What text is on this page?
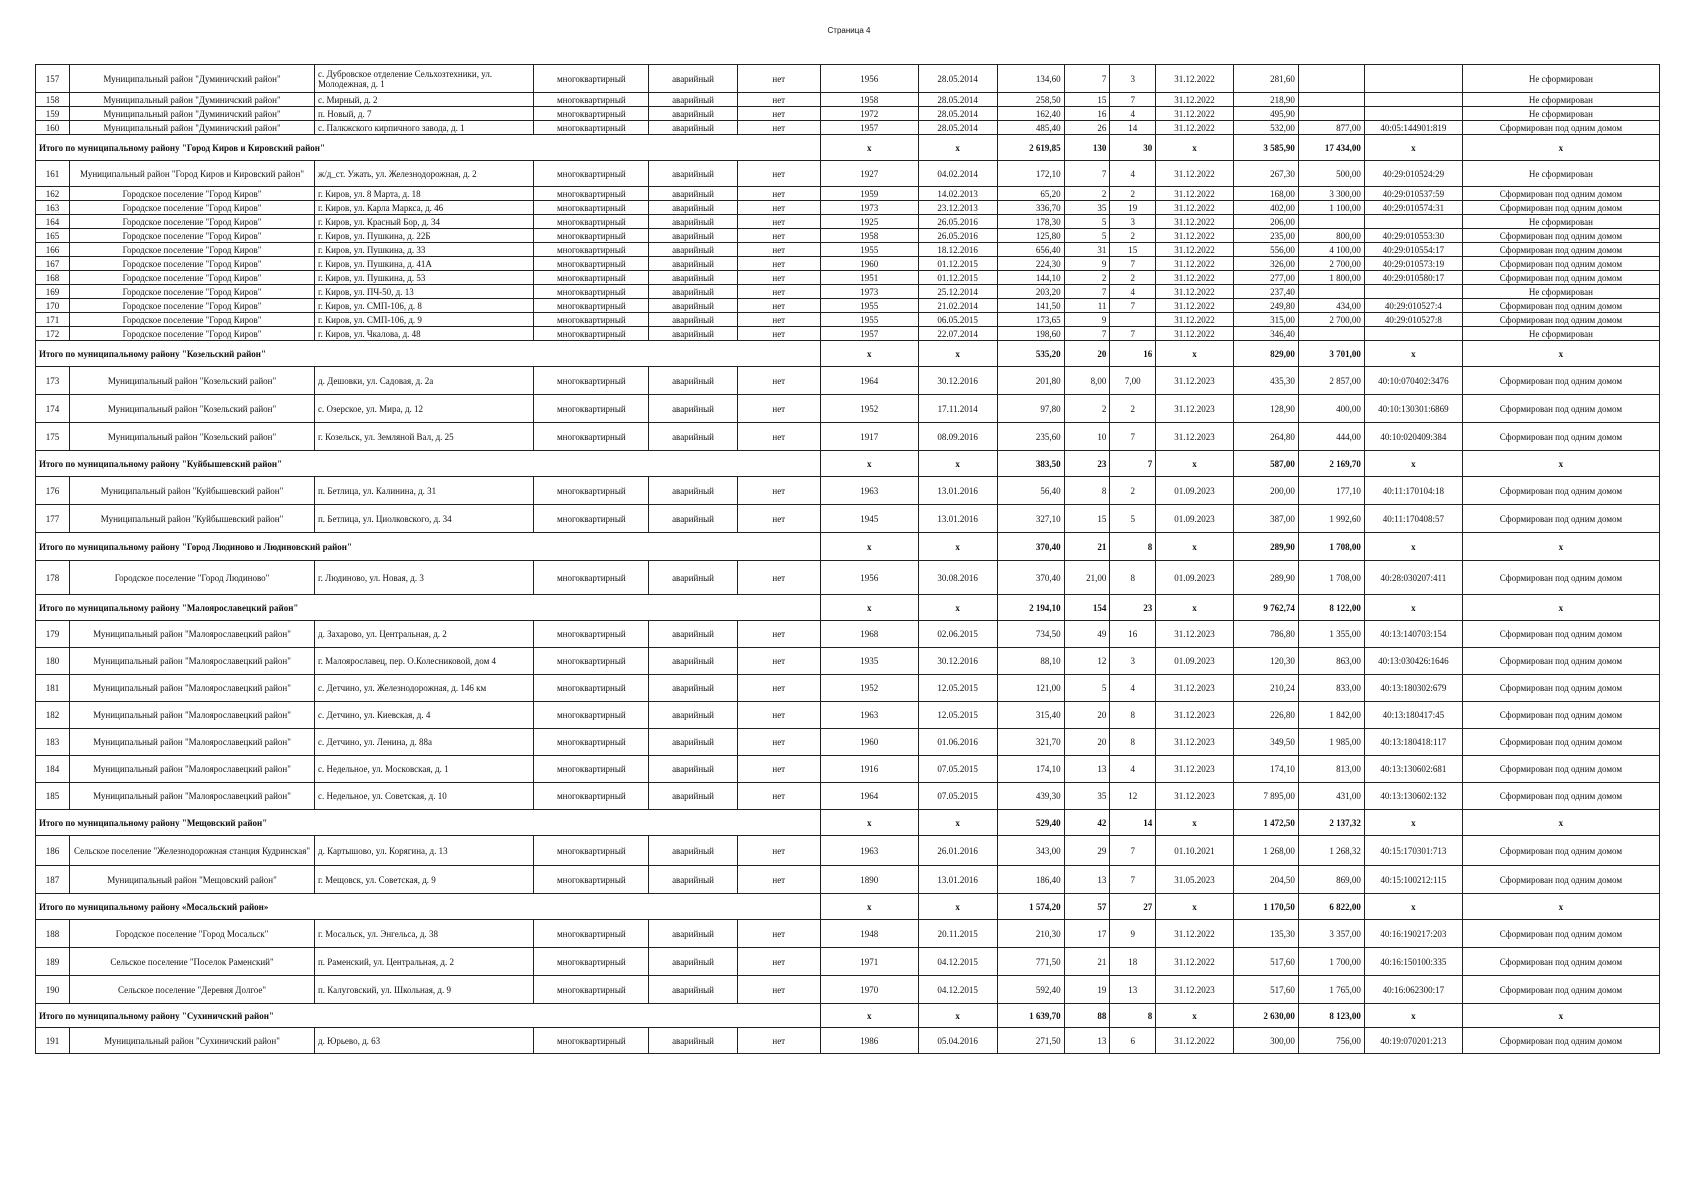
Страница 4
157	Муниципальный район "Думиничский район"	с. Дубровское отделение Сельхозтехники, ул. Молодежная, д. 1	многоквартирный	аварийный	нет	1956	28.05.2014	134,60	7	3	31.12.2022	281,60			Не сформирован
158	Муниципальный район "Думиничский район"	с. Мирный, д. 2	многоквартирный	аварийный	нет	1958	28.05.2014	258,50	15	7	31.12.2022	218,90			Не сформирован
159	Муниципальный район "Думиничский район"	п. Новый, д. 7	многоквартирный	аварийный	нет	1972	28.05.2014	162,40	16	4	31.12.2022	495,90			Не сформирован
160	Муниципальный район "Думиничский район"	с. Палкжского кирпичного завода, д. 1	многоквартирный	аварийный	нет	1957	28.05.2014	485,40	26	14	31.12.2022	532,00	877,00	40:05:144901:819	Сформирован под одним домом
Итого по муниципальному району "Город Киров и Кировский район"						x	x	2 619,85	130	30	x	3 585,90	17 434,00	x	x
161	Муниципальный район "Город Киров и Кировский район"	ж/д_ст. Ужать, ул. Железнодорожная, д. 2	многоквартирный	аварийный	нет	1927	04.02.2014	172,10	7	4	31.12.2022	267,30	500,00	40:29:010524:29	Не сформирован
162	Городское поселение "Город Киров"	г. Киров, ул. 8 Марта, д. 18	многоквартирный	аварийный	нет	1959	14.02.2013	65,20	2	2	31.12.2022	168,00	3 300,00	40:29:010537:59	Сформирован под одним домом
163	Городское поселение "Город Киров"	г. Киров, ул. Карла Маркса, д. 46	многоквартирный	аварийный	нет	1973	23.12.2013	336,70	35	19	31.12.2022	402,00	1 100,00	40:29:010574:31	Сформирован под одним домом
164	Городское поселение "Город Киров"	г. Киров, ул. Красный Бор, д. 34	многоквартирный	аварийный	нет	1925	26.05.2016	178,30	5	3	31.12.2022	206,00			Не сформирован
165	Городское поселение "Город Киров"	г. Киров, ул. Пушкина, д. 22Б	многоквартирный	аварийный	нет	1958	26.05.2016	125,80	5	2	31.12.2022	235,00	800,00	40:29:010553:30	Сформирован под одним домом
166	Городское поселение "Город Киров"	г. Киров, ул. Пушкина, д. 33	многоквартирный	аварийный	нет	1955	18.12.2016	656,40	31	15	31.12.2022	556,00	4 100,00	40:29:010554:17	Сформирован под одним домом
167	Городское поселение "Город Киров"	г. Киров, ул. Пушкина, д. 41А	многоквартирный	аварийный	нет	1960	01.12.2015	224,30	9	7	31.12.2022	326,00	2 700,00	40:29:010573:19	Сформирован под одним домом
168	Городское поселение "Город Киров"	г. Киров, ул. Пушкина, д. 53	многоквартирный	аварийный	нет	1951	01.12.2015	144,10	2	2	31.12.2022	277,00	1 800,00	40:29:010580:17	Сформирован под одним домом
169	Городское поселение "Город Киров"	г. Киров, ул. ПЧ-50, д. 13	многоквартирный	аварийный	нет	1973	25.12.2014	203,20	7	4	31.12.2022	237,40			Не сформирован
170	Городское поселение "Город Киров"	г. Киров, ул. СМП-106, д. 8	многоквартирный	аварийный	нет	1955	21.02.2014	141,50	11	7	31.12.2022	249,80	434,00	40:29:010527:4	Сформирован под одним домом
171	Городское поселение "Город Киров"	г. Киров, ул. СМП-106, д. 9	многоквартирный	аварийный	нет	1955	06.05.2015	173,65	9		31.12.2022	315,00	2 700,00	40:29:010527:8	Сформирован под одним домом
172	Городское поселение "Город Киров"	г. Киров, ул. Чкалова, д. 48	многоквартирный	аварийный	нет	1957	22.07.2014	198,60	7	7	31.12.2022	346,40			Не сформирован
Итого по муниципальному району "Козельский район"						x	x	535,20	20	16	x	829,00	3 701,00	x	x
173	Муниципальный район "Козельский район"	д. Дешовки, ул. Садовая, д. 2а	многоквартирный	аварийный	нет	1964	30.12.2016	201,80	8,00	7,00	31.12.2023	435,30	2 857,00	40:10:070402:3476	Сформирован под одним домом
174	Муниципальный район "Козельский район"	с. Озерское, ул. Мира, д. 12	многоквартирный	аварийный	нет	1952	17.11.2014	97,80	2	2	31.12.2023	128,90	400,00	40:10:130301:6869	Сформирован под одним домом
175	Муниципальный район "Козельский район"	г. Козельск, ул. Земляной Вал, д. 25	многоквартирный	аварийный	нет	1917	08.09.2016	235,60	10	7	31.12.2023	264,80	444,00	40:10:020409:384	Сформирован под одним домом
Итого по муниципальному району "Куйбышевский район"						x	x	383,50	23	7	x	587,00	2 169,70	x	x
176	Муниципальный район "Куйбышевский район"	п. Бетлица, ул. Калинина, д. 31	многоквартирный	аварийный	нет	1963	13.01.2016	56,40	8	2	01.09.2023	200,00	177,10	40:11:170104:18	Сформирован под одним домом
177	Муниципальный район "Куйбышевский район"	п. Бетлица, ул. Циолковского, д. 34	многоквартирный	аварийный	нет	1945	13.01.2016	327,10	15	5	01.09.2023	387,00	1 992,60	40:11:170408:57	Сформирован под одним домом
Итого по муниципальному району "Город Людиново и Людиновский район"						x	x	370,40	21	8	x	289,90	1 708,00	x	x
178	Городское поселение "Город Людиново"	г. Людиново, ул. Новая, д. 3	многоквартирный	аварийный	нет	1956	30.08.2016	370,40	21,00	8	01.09.2023	289,90	1 708,00	40:28:030207:411	Сформирован под одним домом
Итого по муниципальному району "Малоярославецкий район"						x	x	2 194,10	154	23	x	9 762,74	8 122,00	x	x
179	Муниципальный район "Малоярославецкий район"	д. Захарово, ул. Центральная, д. 2	многоквартирный	аварийный	нет	1968	02.06.2015	734,50	49	16	31.12.2023	786,80	1 355,00	40:13:140703:154	Сформирован под одним домом
180	Муниципальный район "Малоярославецкий район"	г. Малоярославец, пер. О.Колесниковой, дом 4	многоквартирный	аварийный	нет	1935	30.12.2016	88,10	12	3	01.09.2023	120,30	863,00	40:13:030426:1646	Сформирован под одним домом
181	Муниципальный район "Малоярославецкий район"	с. Детчино, ул. Железнодорожная, д. 146 км	многоквартирный	аварийный	нет	1952	12.05.2015	121,00	5	4	31.12.2023	210,24	833,00	40:13:180302:679	Сформирован под одним домом
182	Муниципальный район "Малоярославецкий район"	с. Детчино, ул. Киевская, д. 4	многоквартирный	аварийный	нет	1963	12.05.2015	315,40	20	8	31.12.2023	226,80	1 842,00	40:13:180417:45	Сформирован под одним домом
183	Муниципальный район "Малоярославецкий район"	с. Детчино, ул. Ленина, д. 88а	многоквартирный	аварийный	нет	1960	01.06.2016	321,70	20	8	31.12.2023	349,50	1 985,00	40:13:180418:117	Сформирован под одним домом
184	Муниципальный район "Малоярославецкий район"	с. Недельное, ул. Московская, д. 1	многоквартирный	аварийный	нет	1916	07.05.2015	174,10	13	4	31.12.2023	174,10	813,00	40:13:130602:681	Сформирован под одним домом
185	Муниципальный район "Малоярославецкий район"	с. Недельное, ул. Советская, д. 10	многоквартирный	аварийный	нет	1964	07.05.2015	439,30	35	12	31.12.2023	7 895,00	431,00	40:13:130602:132	Сформирован под одним домом
Итого по муниципальному району "Мещовский район"						x	x	529,40	42	14	x	1 472,50	2 137,32	x	x
186	Сельское поселение "Железнодорожная станция Кудринская"	д. Картышово, ул. Корягина, д. 13	многоквартирный	аварийный	нет	1963	26.01.2016	343,00	29	7	01.10.2021	1 268,00	1 268,32	40:15:170301:713	Сформирован под одним домом
187	Муниципальный район "Мещовский район"	г. Мещовск, ул. Советская, д. 9	многоквартирный	аварийный	нет	1890	13.01.2016	186,40	13	7	31.05.2023	204,50	869,00	40:15:100212:115	Сформирован под одним домом
Итого по муниципальному району «Мосальский район»						x	x	1 574,20	57	27	x	1 170,50	6 822,00	x	x
188	Городское поселение "Город Мосальск"	г. Мосальск, ул. Энгельса, д. 38	многоквартирный	аварийный	нет	1948	20.11.2015	210,30	17	9	31.12.2022	135,30	3 357,00	40:16:190217:203	Сформирован под одним домом
189	Сельское поселение "Поселок Раменский"	п. Раменский, ул. Центральная, д. 2	многоквартирный	аварийный	нет	1971	04.12.2015	771,50	21	18	31.12.2022	517,60	1 700,00	40:16:150100:335	Сформирован под одним домом
190	Сельское поселение "Деревня Долгое"	п. Калуговский, ул. Школьная, д. 9	многоквартирный	аварийный	нет	1970	04.12.2015	592,40	19	13	31.12.2023	517,60	1 765,00	40:16:062300:17	Сформирован под одним домом
Итого по муниципальному району "Сухиничский район"						x	x	1 639,70	88	8	x	2 630,00	8 123,00	x	x
191	Муниципальный район "Сухиничский район"	д. Юрьево, д. 63	многоквартирный	аварийный	нет	1986	05.04.2016	271,50	13	6	31.12.2022	300,00	756,00	40:19:070201:213	Сформирован под одним домом
